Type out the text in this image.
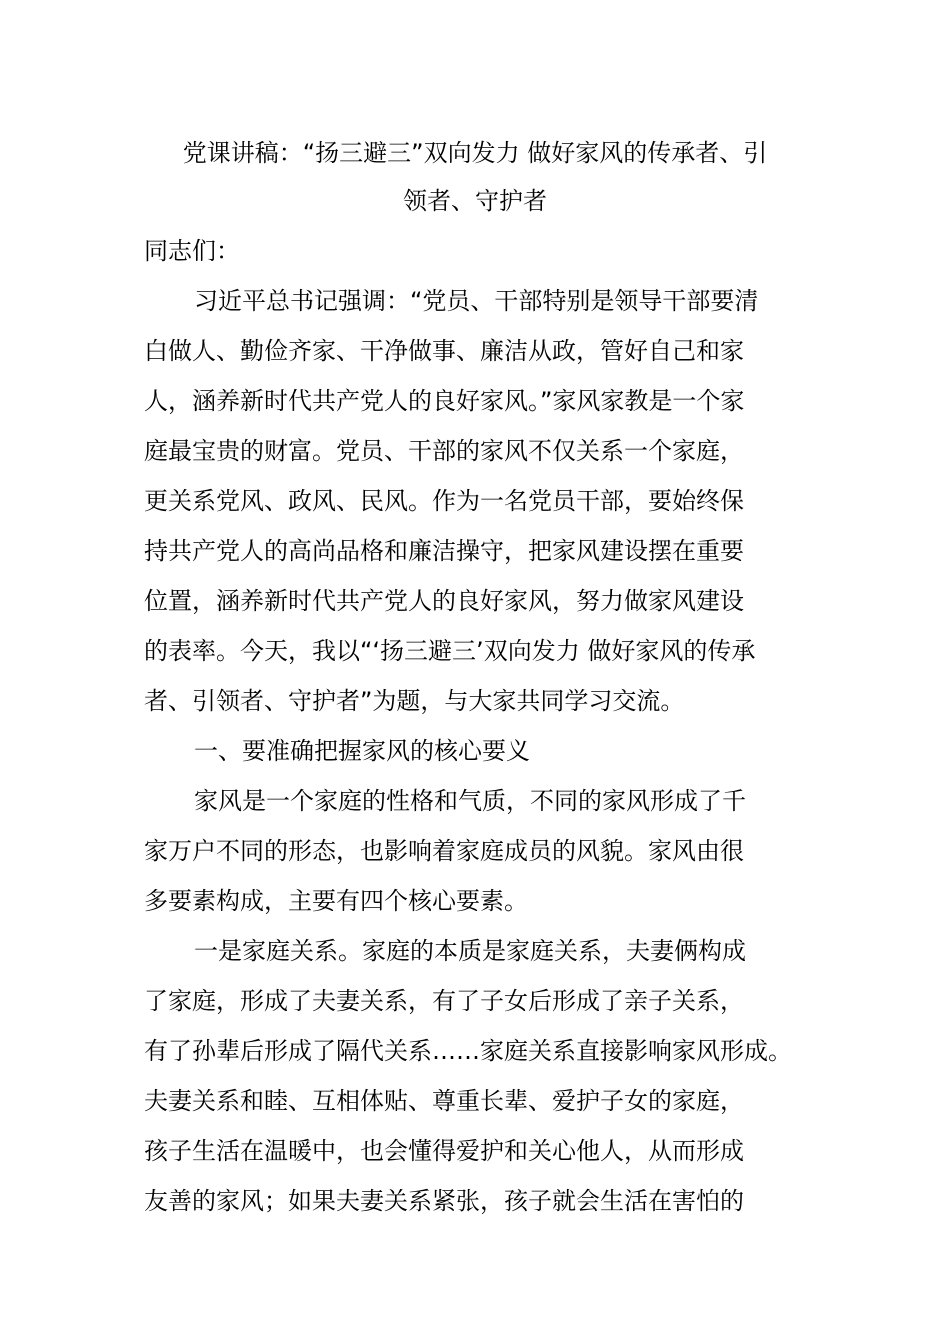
党课讲稿：“扬三避三”双向发力 做好家风的传承者、引
领者、守护者
同志们：
习近平总书记强调：“党员、干部特别是领导干部要清
白做人、勤俭齐家、干净做事、廉洁从政，管好自己和家
人，涵养新时代共产党人的良好家风。”家风家教是一个家
庭最宝贵的财富。党员、干部的家风不仅关系一个家庭，
更关系党风、政风、民风。作为一名党员干部，要始终保
持共产党人的高尚品格和廉洁操守，把家风建设摆在重要
位置，涵养新时代共产党人的良好家风，努力做家风建设
的表率。今天，我以“‘扬三避三’双向发力 做好家风的传承
者、引领者、守护者”为题，与大家共同学习交流。
一、要准确把握家风的核心要义
家风是一个家庭的性格和气质，不同的家风形成了千
家万户不同的形态，也影响着家庭成员的风貌。家风由很
多要素构成，主要有四个核心要素。
一是家庭关系。家庭的本质是家庭关系，夫妻俩构成
了家庭，形成了夫妻关系，有了子女后形成了亲子关系，
有了孙辈后形成了隔代关系……家庭关系直接影响家风形成。
夫妻关系和睦、互相体贴、尊重长辈、爱护子女的家庭，
孩子生活在温暖中，也会懂得爱护和关心他人，从而形成
友善的家风；如果夫妻关系紧张，孩子就会生活在害怕的
